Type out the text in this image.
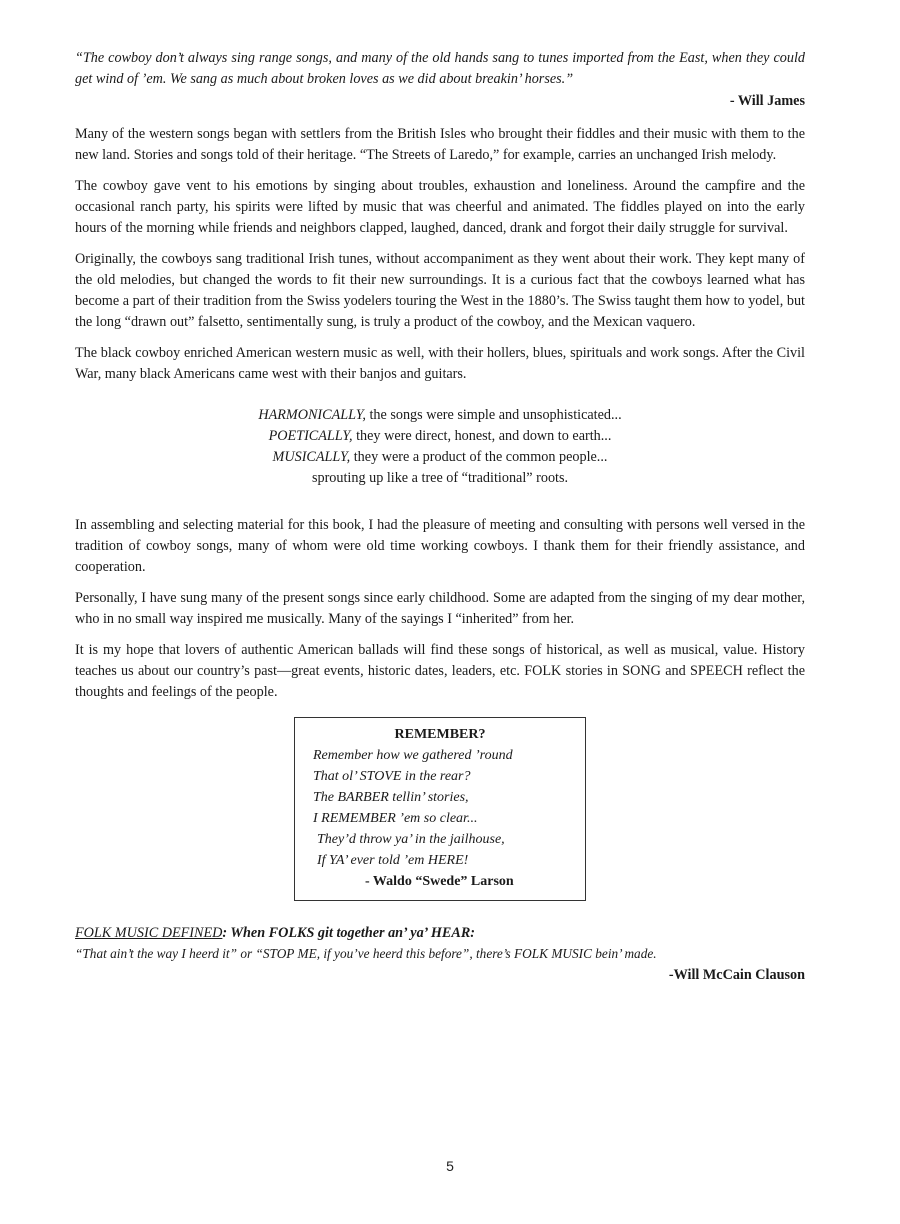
“The cowboy don’t always sing range songs, and many of the old hands sang to tunes imported from the East, when they could get wind of ’em. We sang as much about broken loves as we did about breakin’ horses.”

- Will James

Many of the western songs began with settlers from the British Isles who brought their fiddles and their music with them to the new land. Stories and songs told of their heritage. “The Streets of Laredo,” for example, carries an unchanged Irish melody.

The cowboy gave vent to his emotions by singing about troubles, exhaustion and loneliness. Around the campfire and the occasional ranch party, his spirits were lifted by music that was cheerful and animated. The fiddles played on into the early hours of the morning while friends and neighbors clapped, laughed, danced, drank and forgot their daily struggle for survival.

Originally, the cowboys sang traditional Irish tunes, without accompaniment as they went about their work. They kept many of the old melodies, but changed the words to fit their new surroundings. It is a curious fact that the cowboys learned what has become a part of their tradition from the Swiss yodelers touring the West in the 1880’s. The Swiss taught them how to yodel, but the long “drawn out” falsetto, sentimentally sung, is truly a product of the cowboy, and the Mexican vaquero.

The black cowboy enriched American western music as well, with their hollers, blues, spirituals and work songs. After the Civil War, many black Americans came west with their banjos and guitars.

HARMONICALLY, the songs were simple and unsophisticated...
POETICALLY, they were direct, honest, and down to earth...
MUSICALLY, they were a product of the common people...
sprouting up like a tree of “traditional” roots.

In assembling and selecting material for this book, I had the pleasure of meeting and consulting with persons well versed in the tradition of cowboy songs, many of whom were old time working cowboys. I thank them for their friendly assistance, and cooperation.

Personally, I have sung many of the present songs since early childhood. Some are adapted from the singing of my dear mother, who in no small way inspired me musically. Many of the sayings I “inherited” from her.

It is my hope that lovers of authentic American ballads will find these songs of historical, as well as musical, value. History teaches us about our country’s past—great events, historic dates, leaders, etc. FOLK stories in SONG and SPEECH reflect the thoughts and feelings of the people.

REMEMBER?
Remember how we gathered ’round
That ol’ STOVE in the rear?
The BARBER tellin’ stories,
I REMEMBER ’em so clear...
They’d throw ya’ in the jailhouse,
If YA’ ever told ’em HERE!
- Waldo “Swede” Larson

FOLK MUSIC DEFINED: When FOLKS git together an’ ya’ HEAR:

“That ain’t the way I heerd it” or “STOP ME, if you’ve heerd this before”, there’s FOLK MUSIC bein’ made.

-Will McCain Clauson

5
